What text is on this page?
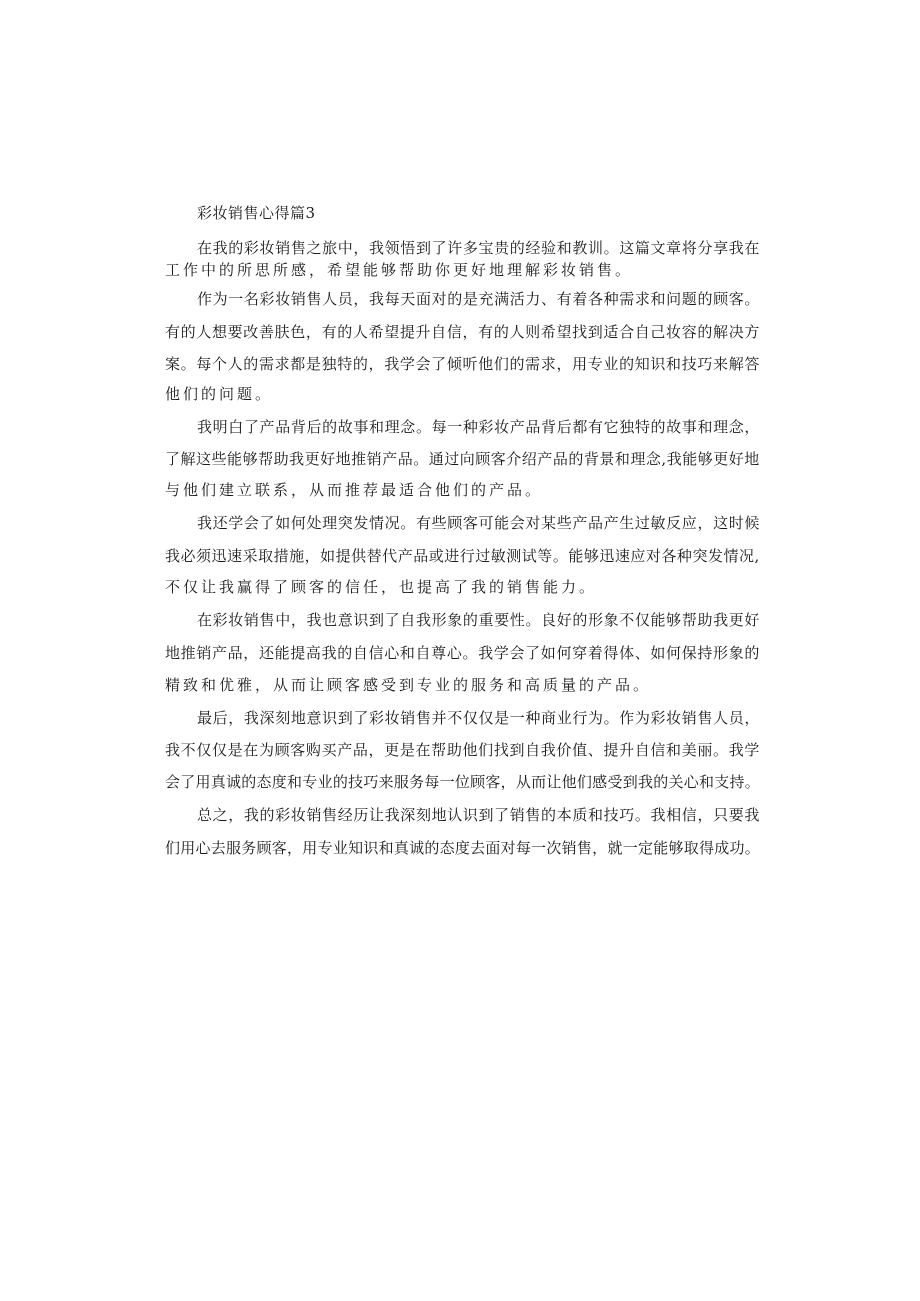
彩妆销售心得篇3
在我的彩妆销售之旅中，我领悟到了许多宝贵的经验和教训。这篇文章将分享我在
工作中的所思所感，希望能够帮助你更好地理解彩妆销售。
作为一名彩妆销售人员，我每天面对的是充满活力、有着各种需求和问题的顾客。
有的人想要改善肤色，有的人希望提升自信，有的人则希望找到适合自己妆容的解决方
案。每个人的需求都是独特的，我学会了倾听他们的需求，用专业的知识和技巧来解答
他们的问题。
我明白了产品背后的故事和理念。每一种彩妆产品背后都有它独特的故事和理念，
了解这些能够帮助我更好地推销产品。通过向顾客介绍产品的背景和理念,我能够更好地
与他们建立联系，从而推荐最适合他们的产品。
我还学会了如何处理突发情况。有些顾客可能会对某些产品产生过敏反应，这时候
我必须迅速采取措施，如提供替代产品或进行过敏测试等。能够迅速应对各种突发情况,
不仅让我赢得了顾客的信任，也提高了我的销售能力。
在彩妆销售中，我也意识到了自我形象的重要性。良好的形象不仅能够帮助我更好
地推销产品，还能提高我的自信心和自尊心。我学会了如何穿着得体、如何保持形象的
精致和优雅，从而让顾客感受到专业的服务和高质量的产品。
最后，我深刻地意识到了彩妆销售并不仅仅是一种商业行为。作为彩妆销售人员，
我不仅仅是在为顾客购买产品，更是在帮助他们找到自我价值、提升自信和美丽。我学
会了用真诚的态度和专业的技巧来服务每一位顾客，从而让他们感受到我的关心和支持。
总之，我的彩妆销售经历让我深刻地认识到了销售的本质和技巧。我相信，只要我
们用心去服务顾客，用专业知识和真诚的态度去面对每一次销售，就一定能够取得成功。
